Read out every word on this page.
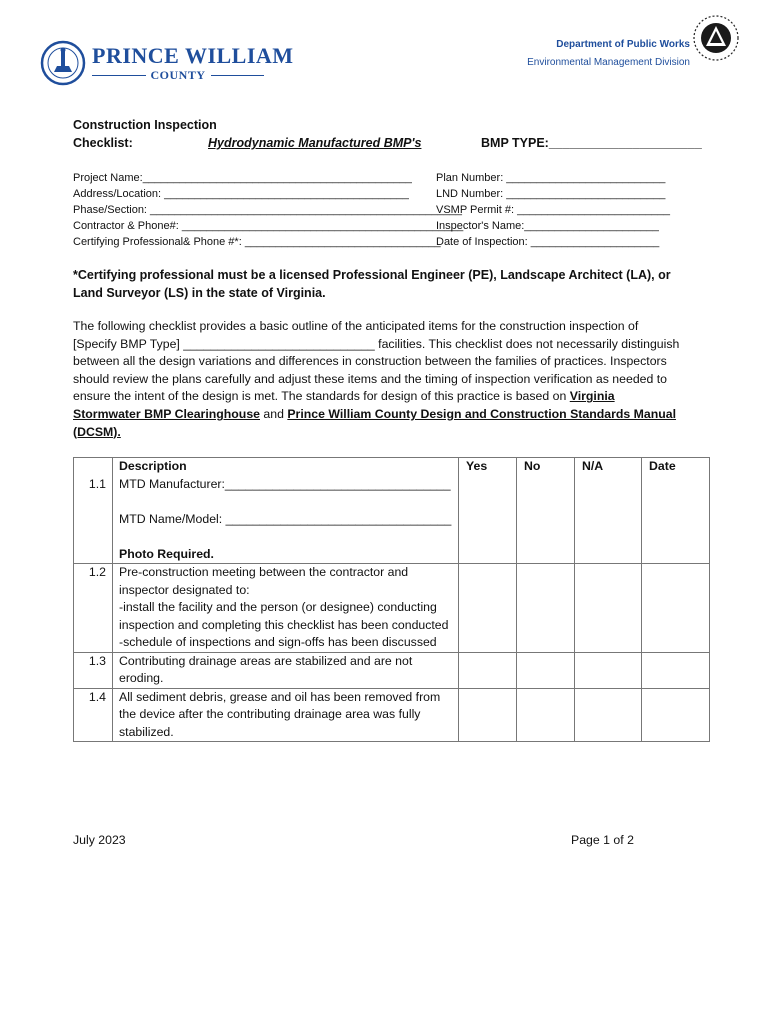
PRINCE WILLIAM
COUNTY
Department of Public Works
Environmental Management Division
Construction Inspection
Checklist:	Hydrodynamic Manufactured BMP's	BMP TYPE:______________________
Project Name:____________________________________________
Address/Location: ________________________________________
Phase/Section: ___________________________________________________
Contractor & Phone#: ______________________________________________
Certifying Professional& Phone #*: ________________________________
Plan Number: __________________________
LND Number: __________________________
VSMP Permit #: _________________________
Inspector's Name:______________________
Date of Inspection: _____________________
*Certifying professional must be a licensed Professional Engineer (PE), Landscape Architect (LA), or Land Surveyor (LS) in the state of Virginia.
The following checklist provides a basic outline of the anticipated items for the construction inspection of [Specify BMP Type] ____________________________ facilities. This checklist does not necessarily distinguish between all the design variations and differences in construction between the families of practices. Inspectors should review the plans carefully and adjust these items and the timing of inspection verification as needed to ensure the intent of the design is met. The standards for design of this practice is based on Virginia Stormwater BMP Clearinghouse and Prince William County Design and Construction Standards Manual (DCSM).
	Description	Yes	No	N/A	Date
1.1	MTD Manufacturer:_________________________________
MTD Name/Model: _________________________________
Photo Required.				

1.2	Pre-construction meeting between the contractor and inspector designated to:
-install the facility and the person (or designee) conducting inspection and completing this checklist has been conducted
-schedule of inspections and sign-offs has been discussed				

1.3	Contributing drainage areas are stabilized and are not eroding.				
1.4	All sediment debris, grease and oil has been removed from the device after the contributing drainage area was fully stabilized.				
July 2023	Page 1 of 2
